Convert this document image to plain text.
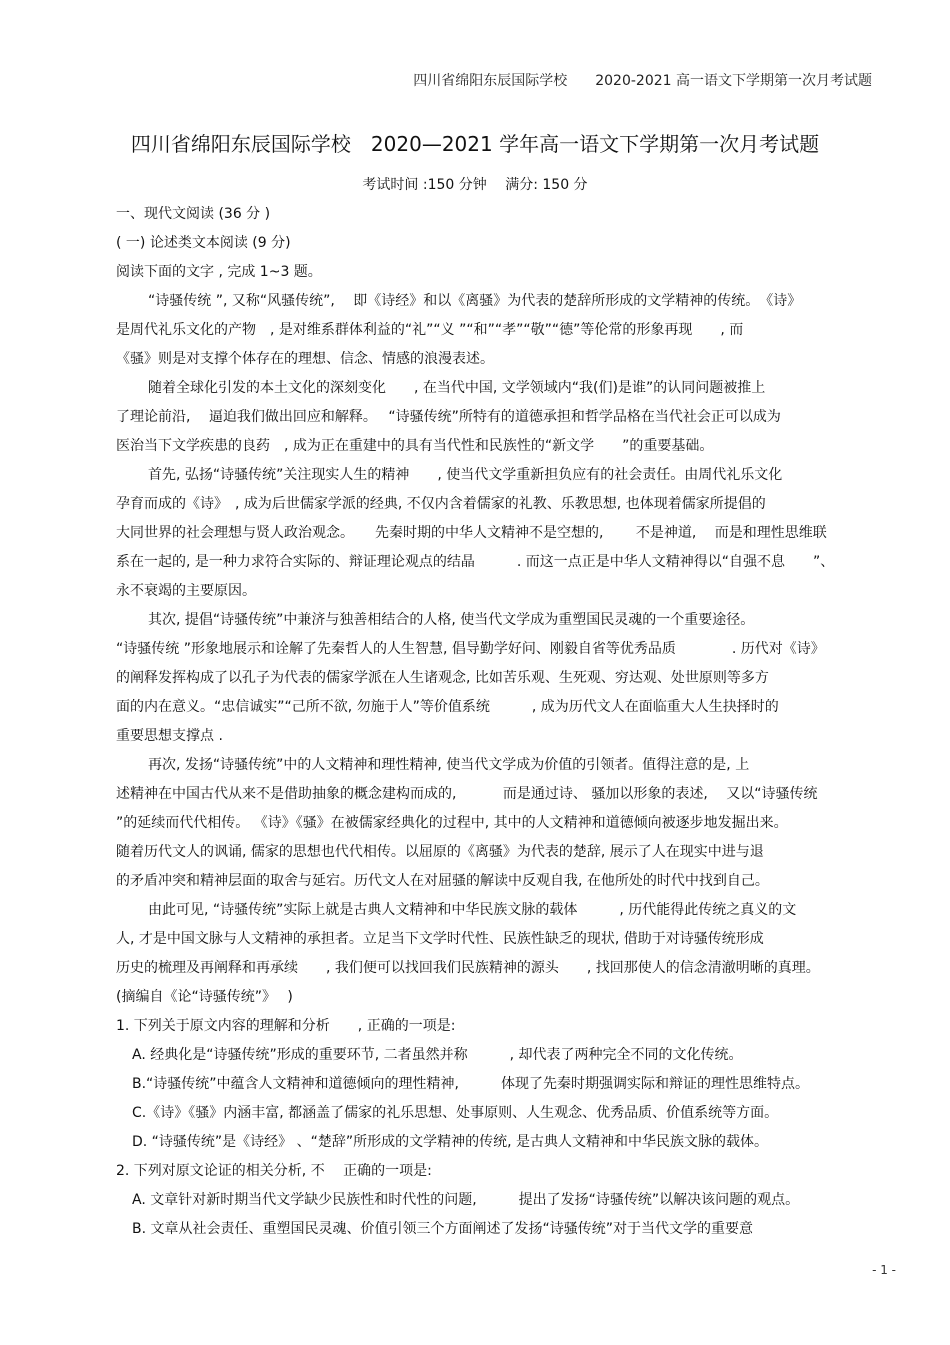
四川省绵阳东辰国际学校　　2020-2021 高一语文下学期第一次月考试题
四川省绵阳东辰国际学校　2020—2021 学年高一语文下学期第一次月考试题
考试时间 :150 分钟　 满分: 150 分
一、现代文阅读 (36 分 )
( 一) 论述类文本阅读 (9 分)
阅读下面的文字 , 完成 1~3 题。
“诗骚传统 ”, 又称“风骚传统”,　 即《诗经》和以《离骚》为代表的楚辞所形成的文学精神的传统。　《诗》
是周代礼乐文化的产物　, 是对维系群体利益的“礼”“义 ”“和”“孝”“敬”“德”等伦常的形象再现　　, 而
《骚》则是对支撑个体存在的理想、信念、情感的浪漫表述。
随着全球化引发的本土文化的深刻变化　　, 在当代中国, 文学领域内“我(们)是谁”的认同问题被推上
了理论前沿,　 逼迫我们做出回应和解释。　 “诗骚传统”所特有的道德承担和哲学品格在当代社会正可以成为
医治当下文学疾患的良药　, 成为正在重建中的具有当代性和民族性的“新文学　　”的重要基础。
首先, 弘扬“诗骚传统”关注现实人生的精神　　, 使当代文学重新担负应有的社会责任。由周代礼乐文化
孕育而成的《诗》　, 成为后世儒家学派的经典, 不仅内含着儒家的礼教、乐教思想, 也体现着儒家所提倡的
大同世界的社会理想与贤人政治观念。　　先秦时期的中华人文精神不是空想的,　　 不是神道,　 而是和理性思维联
系在一起的, 是一种力求符合实际的、辩证理论观点的结晶　　　. 而这一点正是中华人文精神得以“自强不息　　”、
永不衰竭的主要原因。
其次, 提倡“诗骚传统”中兼济与独善相结合的人格, 使当代文学成为重塑国民灵魂的一个重要途径。
“诗骚传统 ”形象地展示和诠解了先秦哲人的人生智慧, 倡导勤学好问、刚毅自省等优秀品质　　　　. 历代对《诗》
的阐释发挥构成了以孔子为代表的儒家学派在人生诸观念, 比如苦乐观、生死观、穷达观、处世原则等多方
面的内在意义。“忠信诚实”“己所不欲, 勿施于人”等价值系统　　　, 成为历代文人在面临重大人生抉择时的
重要思想支撑点 .
再次, 发扬“诗骚传统”中的人文精神和理性精神, 使当代文学成为价值的引领者。值得注意的是, 上
述精神在中国古代从来不是借助抽象的概念建构而成的,　　　 而是通过诗、 骚加以形象的表述,　 又以“诗骚传统
”的延续而代代相传。 《诗》《骚》在被儒家经典化的过程中, 其中的人文精神和道德倾向被逐步地发掘出来。
随着历代文人的讽诵, 儒家的思想也代代相传。以屈原的《离骚》为代表的楚辞, 展示了人在现实中进与退
的矛盾冲突和精神层面的取舍与延宕。历代文人在对屈骚的解读中反观自我, 在他所处的时代中找到自己。
由此可见, “诗骚传统”实际上就是古典人文精神和中华民族文脉的载体　　　, 历代能得此传统之真义的文
人, 才是中国文脉与人文精神的承担者。立足当下文学时代性、民族性缺乏的现状, 借助于对诗骚传统形成
历史的梳理及再阐释和再承续　　, 我们便可以找回我们民族精神的源头　　, 找回那使人的信念清澈明晰的真理。
(摘编自《论“诗骚传统”》　 )
1. 下列关于原文内容的理解和分析　　, 正确的一项是:
A. 经典化是“诗骚传统”形成的重要环节, 二者虽然并称　　　, 却代表了两种完全不同的文化传统。
B.“诗骚传统”中蕴含人文精神和道德倾向的理性精神,　　　体现了先秦时期强调实际和辩证的理性思维特点。
C.《诗》《骚》内涵丰富, 都涵盖了儒家的礼乐思想、处事原则、人生观念、优秀品质、价值系统等方面。
D. “诗骚传统”是《诗经》 、“楚辞”所形成的文学精神的传统, 是古典人文精神和中华民族文脉的载体。
2. 下列对原文论证的相关分析, 不　 正确的一项是:
A. 文章针对新时期当代文学缺少民族性和时代性的问题,　　　提出了发扬“诗骚传统”以解决该问题的观点。
B. 文章从社会责任、重塑国民灵魂、价值引领三个方面阐述了发扬“诗骚传统”对于当代文学的重要意
- 1 -
